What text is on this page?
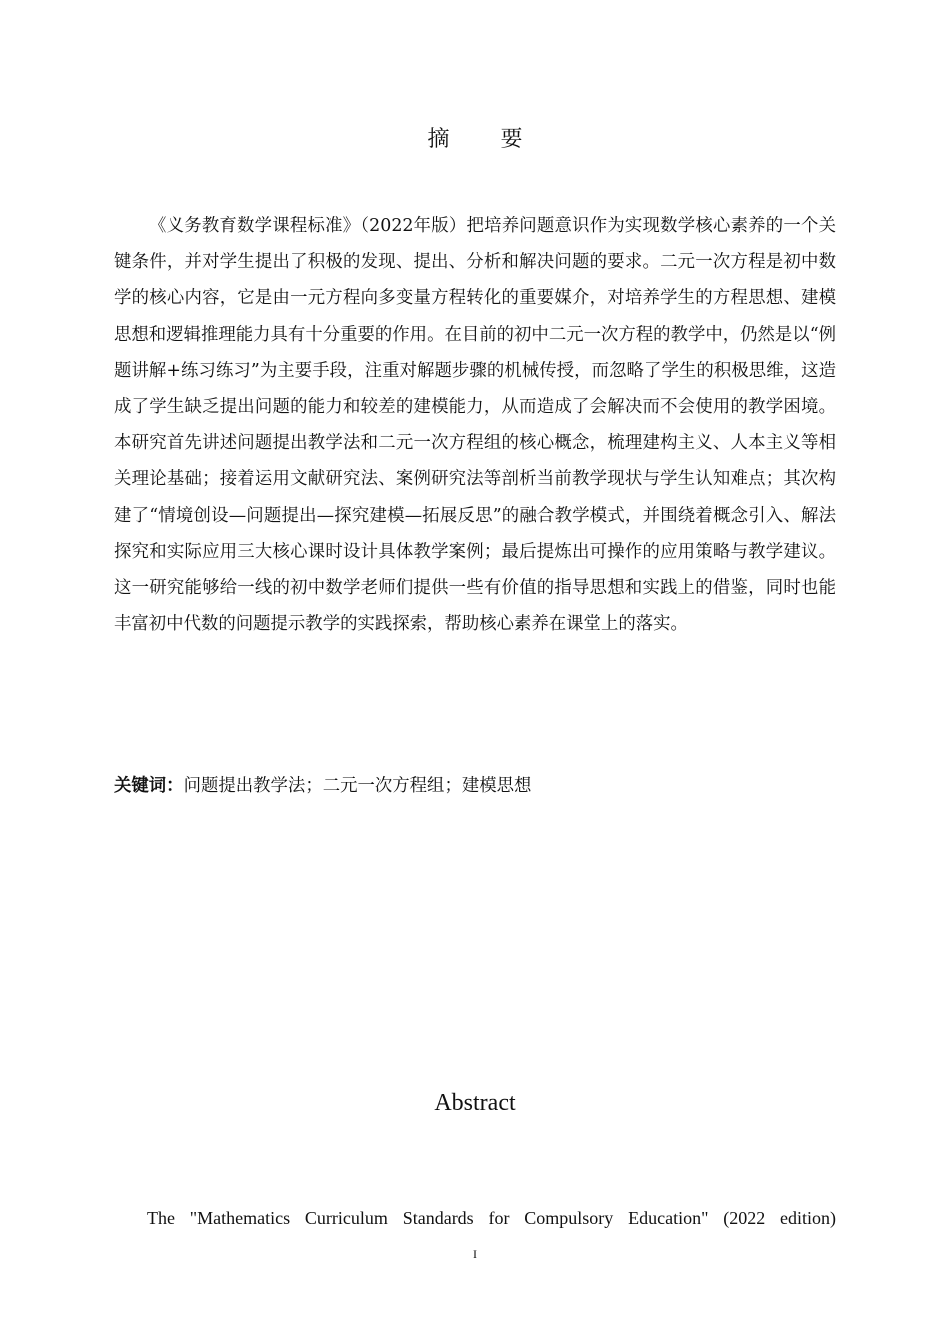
摘 要

《义务教育数学课程标准》（2022年版）把培养问题意识作为实现数学核心素养的一个关键条件，并对学生提出了积极的发现、提出、分析和解决问题的要求。二元一次方程是初中数学的核心内容，它是由一元方程向多变量方程转化的重要媒介，对培养学生的方程思想、建模思想和逻辑推理能力具有十分重要的作用。在目前的初中二元一次方程的教学中，仍然是以“例题讲解+练习练习”为主要手段，注重对解题步骤的机械传授，而忽略了学生的积极思维，这造成了学生缺乏提出问题的能力和较差的建模能力，从而造成了会解决而不会使用的教学困境。本研究首先讲述问题提出教学法和二元一次方程组的核心概念，梳理建构主义、人本主义等相关理论基础；接着运用文献研究法、案例研究法等剖析当前教学现状与学生认知难点；其次构建了“情境创设—问题提出—探究建模—拓展反思”的融合教学模式，并围绕着概念引入、解法探究和实际应用三大核心课时设计具体教学案例；最后提炼出可操作的应用策略与教学建议。这一研究能够给一线的初中数学老师们提供一些有价值的指导思想和实践上的借鉴，同时也能丰富初中代数的问题提示教学的实践探索，帮助核心素养在课堂上的落实。

关键词：问题提出教学法；二元一次方程组；建模思想

Abstract

The "Mathematics Curriculum Standards for Compulsory Education" (2022 edition)

I
